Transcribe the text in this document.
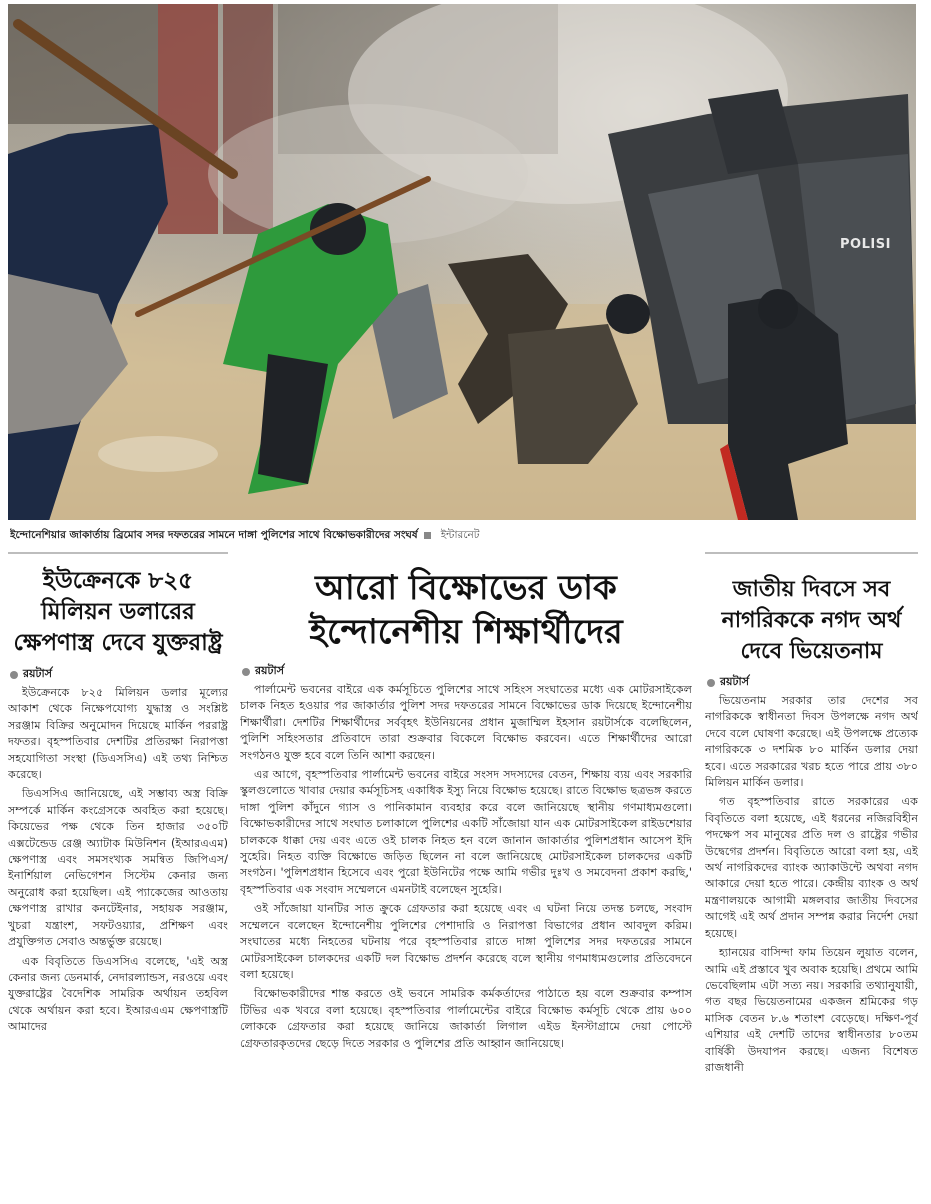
POLISI
ইন্দোনেশিয়ার জাকার্তায় ব্রিমোব সদর দফতরের সামনে দাঙ্গা পুলিশের সাথে বিক্ষোভকারীদের সংঘর্ষ ইন্টারনেট
ইউক্রেনকে ৮২৫ মিলিয়ন ডলারের ক্ষেপণাস্ত্র দেবে যুক্তরাষ্ট্র
রয়টার্স

ইউক্রেনকে ৮২৫ মিলিয়ন ডলার মূল্যের আকাশ থেকে নিক্ষেপযোগ্য যুদ্ধাস্ত্র ও সংশ্লিষ্ট সরঞ্জাম বিক্রির অনুমোদন দিয়েছে মার্কিন পররাষ্ট্র দফতর। বৃহস্পতিবার দেশটির প্রতিরক্ষা নিরাপত্তা সহযোগিতা সংস্থা (ডিএসসিএ) এই তথ্য নিশ্চিত করেছে।

ডিএসসিএ জানিয়েছে, এই সম্ভাব্য অস্ত্র বিক্রি সম্পর্কে মার্কিন কংগ্রেসকে অবহিত করা হয়েছে। কিয়েভের পক্ষ থেকে তিন হাজার ৩৫০টি এক্সটেন্ডেড রেঞ্জ অ্যাটাক মিউনিশন (ইআরএএম) ক্ষেপণাস্ত্র এবং সমসংখ্যক সমন্বিত জিপিএস/ইনার্শিয়াল নেভিগেশন সিস্টেম কেনার জন্য অনুরোধ করা হয়েছিল। এই প্যাকেজের আওতায় ক্ষেপণাস্ত্র রাখার কনটেইনার, সহায়ক সরঞ্জাম, খুচরা যন্ত্রাংশ, সফটওয়্যার, প্রশিক্ষণ এবং প্রযুক্তিগত সেবাও অন্তর্ভুক্ত রয়েছে।

এক বিবৃতিতে ডিএসসিএ বলেছে, 'এই অস্ত্র কেনার জন্য ডেনমার্ক, নেদারল্যান্ডস, নরওয়ে এবং যুক্তরাষ্ট্রের বৈদেশিক সামরিক অর্থায়ন তহবিল থেকে অর্থায়ন করা হবে। ইআরএএম ক্ষেপণাস্ত্রটি আমাদের

আরো বিক্ষোভের ডাক
ইন্দোনেশীয় শিক্ষার্থীদের
রয়টার্স

পার্লামেন্ট ভবনের বাইরে এক কর্মসূচিতে পুলিশের সাথে সহিংস সংঘাতের মধ্যে এক মোটরসাইকেল চালক নিহত হওয়ার পর জাকার্তার পুলিশ সদর দফতরের সামনে বিক্ষোভের ডাক দিয়েছে ইন্দোনেশীয় শিক্ষার্থীরা। দেশটির শিক্ষার্থীদের সর্ববৃহৎ ইউনিয়নের প্রধান মুজাম্মিল ইহসান রয়টার্সকে বলেছিলেন, পুলিশি সহিংসতার প্রতিবাদে তারা শুক্রবার বিকেলে বিক্ষোভ করবেন। এতে শিক্ষার্থীদের আরো সংগঠনও যুক্ত হবে বলে তিনি আশা করছেন।

এর আগে, বৃহস্পতিবার পার্লামেন্ট ভবনের বাইরে সংসদ সদস্যদের বেতন, শিক্ষায় ব্যয় এবং সরকারি স্কুলগুলোতে খাবার দেয়ার কর্মসূচিসহ একাধিক ইস্যু নিয়ে বিক্ষোভ হয়েছে। রাতে বিক্ষোভ ছত্রভঙ্গ করতে দাঙ্গা পুলিশ কাঁদুনে গ্যাস ও পানিকামান ব্যবহার করে বলে জানিয়েছে স্থানীয় গণমাধ্যমগুলো। বিক্ষোভকারীদের সাথে সংঘাত চলাকালে পুলিশের একটি সাঁজোয়া যান এক মোটরসাইকেল রাইডশেয়ার চালককে ধাক্কা দেয় এবং এতে ওই চালক নিহত হন বলে জানান জাকার্তার পুলিশপ্রধান আসেপ ইদি সুহেরি। নিহত ব্যক্তি বিক্ষোভে জড়িত ছিলেন না বলে জানিয়েছে মোটরসাইকেল চালকদের একটি সংগঠন। 'পুলিশপ্রধান হিসেবে এবং পুরো ইউনিটের পক্ষে আমি গভীর দুঃখ ও সমবেদনা প্রকাশ করছি,' বৃহস্পতিবার এক সংবাদ সম্মেলনে এমনটাই বলেছেন সুহেরি।

ওই সাঁজোয়া যানটির সাত ক্রুকে গ্রেফতার করা হয়েছে এবং এ ঘটনা নিয়ে তদন্ত চলছে, সংবাদ সম্মেলনে বলেছেন ইন্দোনেশীয় পুলিশের পেশাদারি ও নিরাপত্তা বিভাগের প্রধান আবদুল করিম। সংঘাতের মধ্যে নিহতের ঘটনায় পরে বৃহস্পতিবার রাতে দাঙ্গা পুলিশের সদর দফতরের সামনে মোটরসাইকেল চালকদের একটি দল বিক্ষোভ প্রদর্শন করেছে বলে স্থানীয় গণমাধ্যমগুলোর প্রতিবেদনে বলা হয়েছে।

বিক্ষোভকারীদের শান্ত করতে ওই ভবনে সামরিক কর্মকর্তাদের পাঠাতে হয় বলে শুক্রবার কম্পাস টিভির এক খবরে বলা হয়েছে। বৃহস্পতিবার পার্লামেন্টের বাইরে বিক্ষোভ কর্মসূচি থেকে প্রায় ৬০০ লোককে গ্রেফতার করা হয়েছে জানিয়ে জাকার্তা লিগাল এইড ইনস্টাগ্রামে দেয়া পোস্টে গ্রেফতারকৃতদের ছেড়ে দিতে সরকার ও পুলিশের প্রতি আহ্বান জানিয়েছে।

জাতীয় দিবসে সব নাগরিককে নগদ অর্থ দেবে ভিয়েতনাম
রয়টার্স

ভিয়েতনাম সরকার তার দেশের সব নাগরিককে স্বাধীনতা দিবস উপলক্ষে নগদ অর্থ দেবে বলে ঘোষণা করেছে। এই উপলক্ষে প্রত্যেক নাগরিককে ৩ দশমিক ৮০ মার্কিন ডলার দেয়া হবে। এতে সরকারের খরচ হতে পারে প্রায় ৩৮০ মিলিয়ন মার্কিন ডলার।

গত বৃহস্পতিবার রাতে সরকারের এক বিবৃতিতে বলা হয়েছে, এই ধরনের নজিরবিহীন পদক্ষেপ সব মানুষের প্রতি দল ও রাষ্ট্রের গভীর উদ্বেগের প্রদর্শন। বিবৃতিতে আরো বলা হয়, এই অর্থ নাগরিকদের ব্যাংক অ্যাকাউন্টে অথবা নগদ আকারে দেয়া হতে পারে। কেন্দ্রীয় ব্যাংক ও অর্থ মন্ত্রণালয়কে আগামী মঙ্গলবার জাতীয় দিবসের আগেই এই অর্থ প্রদান সম্পন্ন করার নির্দেশ দেয়া হয়েছে।

হ্যানয়ের বাসিন্দা ফাম তিয়েন লুয়াত বলেন, আমি এই প্রস্তাবে খুব অবাক হয়েছি। প্রথমে আমি ভেবেছিলাম এটা সত্য নয়। সরকারি তথ্যানুযায়ী, গত বছর ভিয়েতনামের একজন শ্রমিকের গড় মাসিক বেতন ৮.৬ শতাংশ বেড়েছে। দক্ষিণ-পূর্ব এশিয়ার এই দেশটি তাদের স্বাধীনতার ৮০তম বার্ষিকী উদযাপন করছে। এজন্য বিশেষত রাজধানী
